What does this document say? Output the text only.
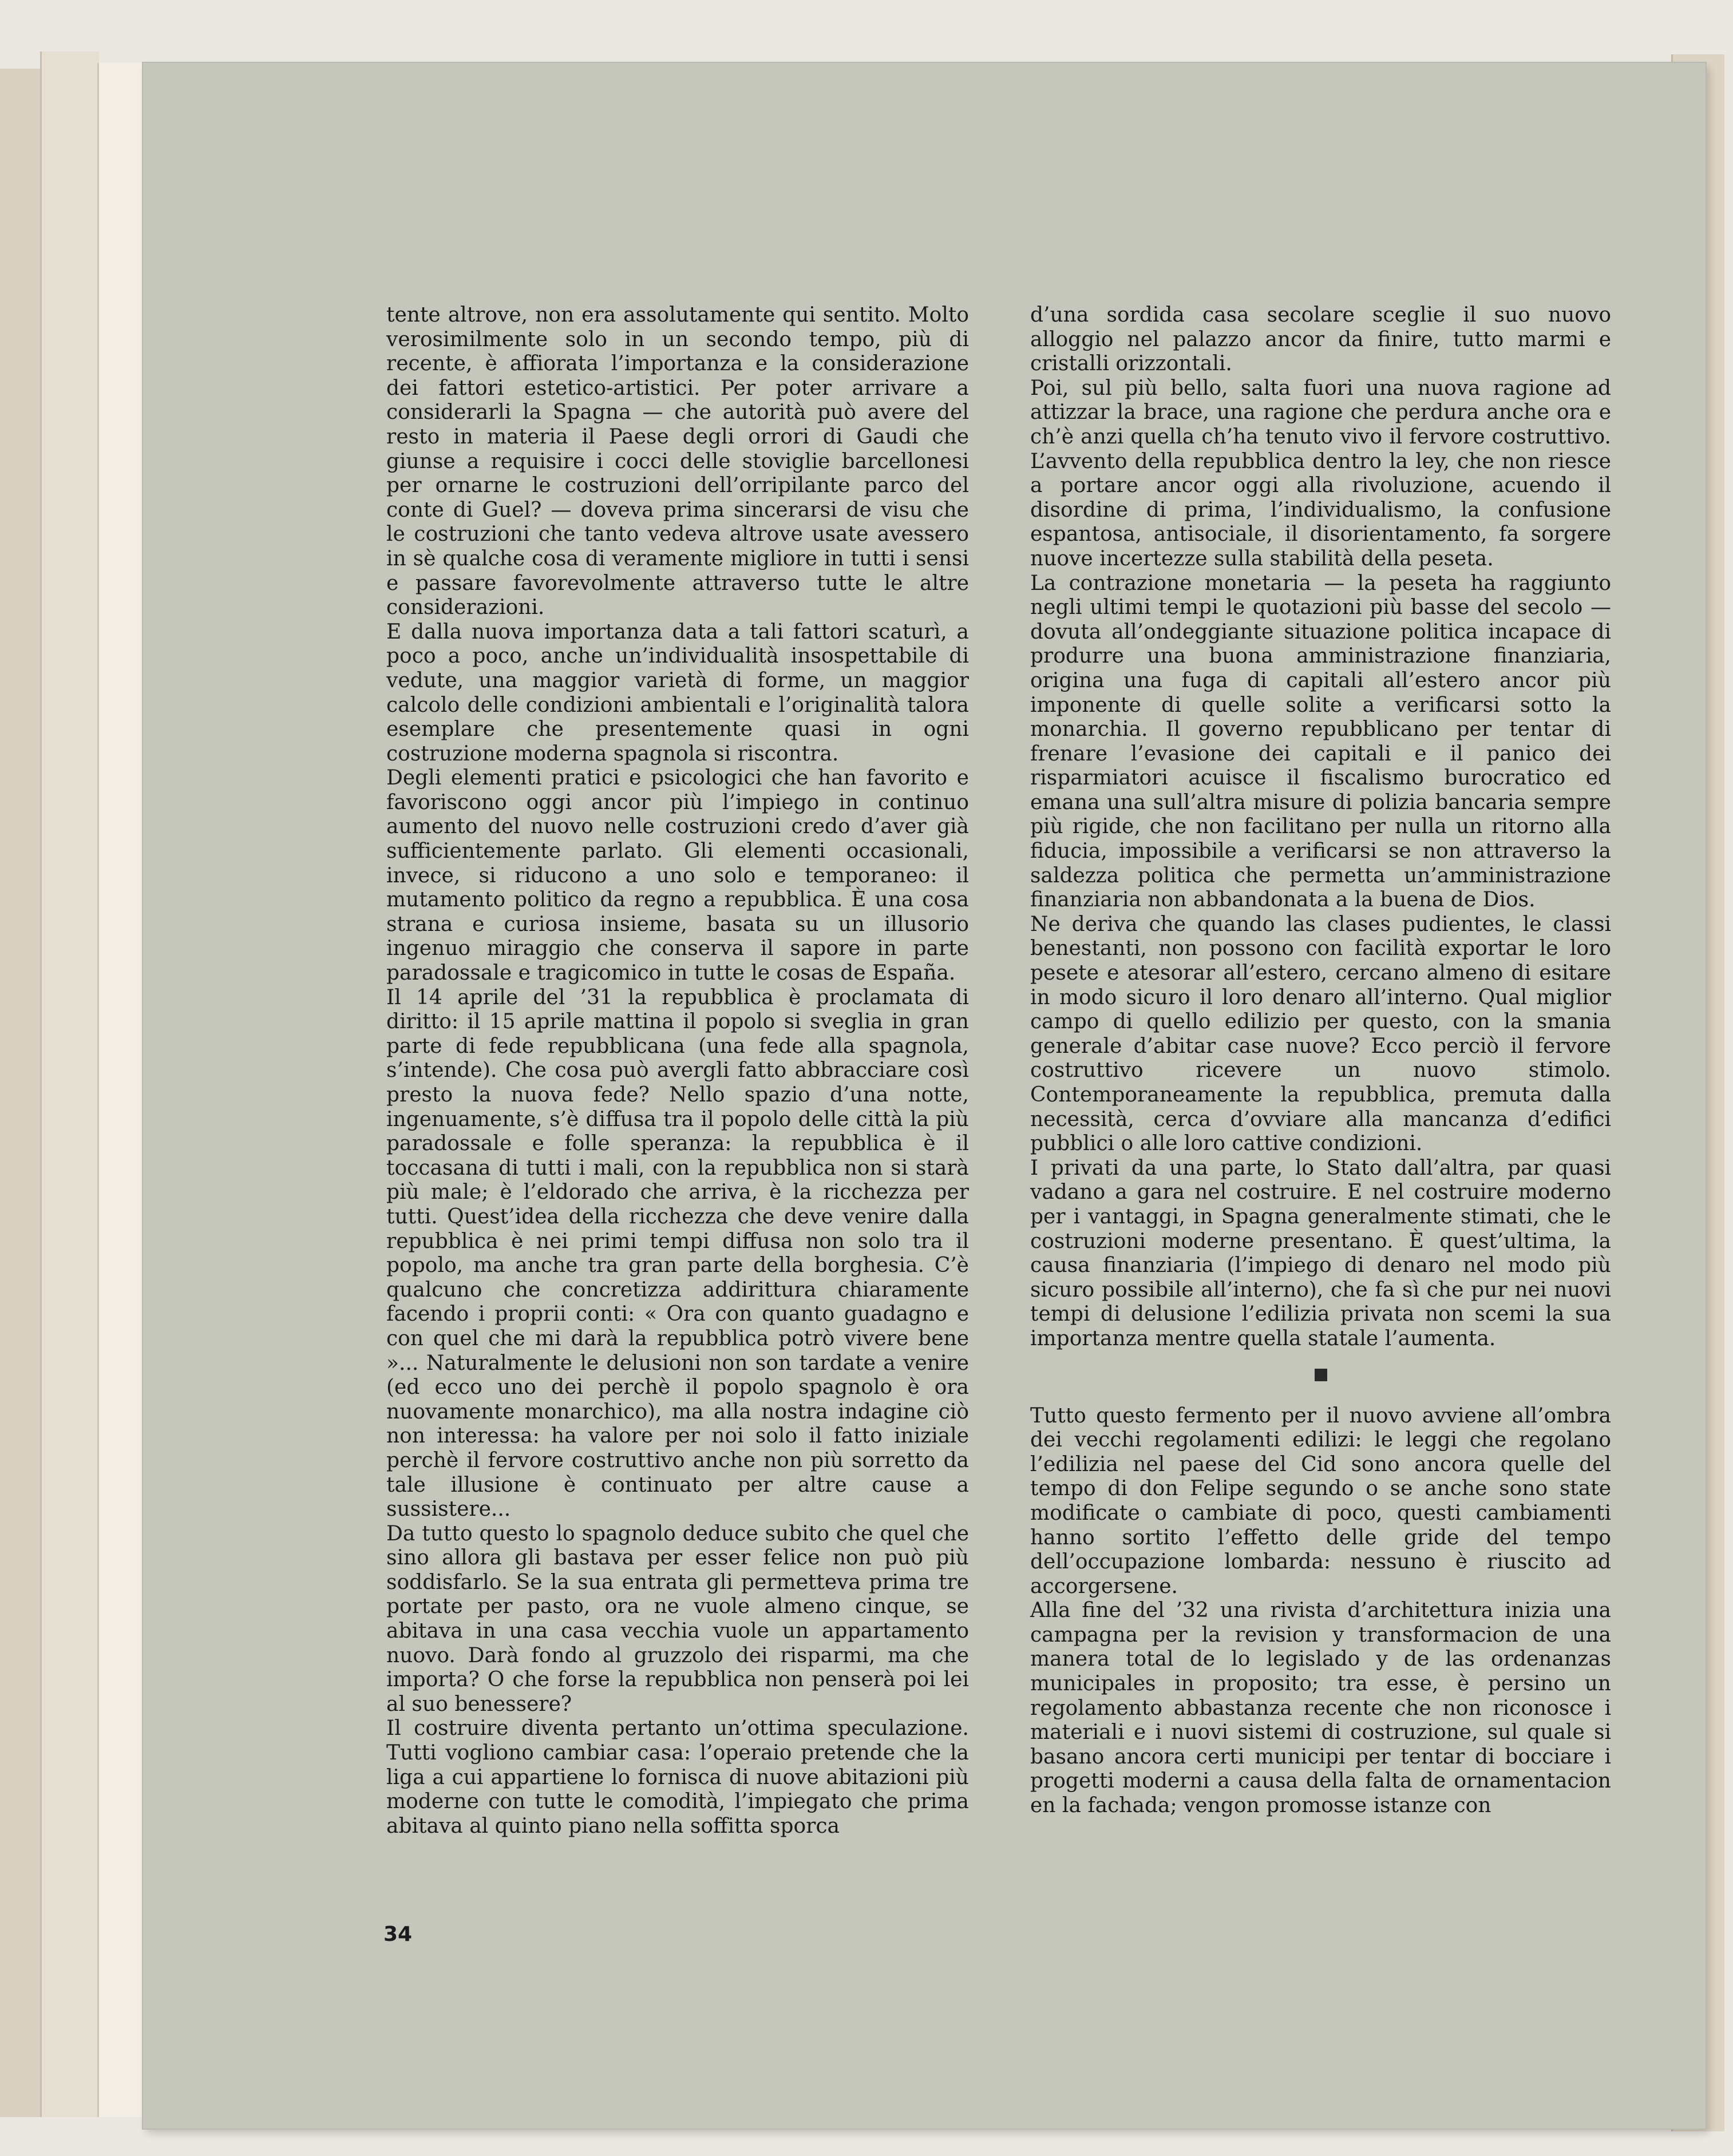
tente altrove, non era assolutamente qui sentito. Molto verosimilmente solo in un secondo tempo, più di recente, è affiorata l’importanza e la considerazione dei fattori estetico-artistici. Per poter arrivare a considerarli la Spagna — che autorità può avere del resto in materia il Paese degli orrori di Gaudi che giunse a requisire i cocci delle stoviglie barcellonesi per ornarne le costruzioni dell’orripilante parco del conte di Guel? — doveva prima sincerarsi de visu che le costruzioni che tanto vedeva altrove usate avessero in sè qualche cosa di veramente migliore in tutti i sensi e passare favorevolmente attraverso tutte le altre considerazioni.

E dalla nuova importanza data a tali fattori scaturì, a poco a poco, anche un’individualità insospettabile di vedute, una maggior varietà di forme, un maggior calcolo delle condizioni ambientali e l’originalità talora esemplare che presentemente quasi in ogni costruzione moderna spagnola si riscontra.

Degli elementi pratici e psicologici che han favorito e favoriscono oggi ancor più l’impiego in continuo aumento del nuovo nelle costruzioni credo d’aver già sufficientemente parlato. Gli elementi occasionali, invece, si riducono a uno solo e temporaneo: il mutamento politico da regno a repubblica. È una cosa strana e curiosa insieme, basata su un illusorio ingenuo miraggio che conserva il sapore in parte paradossale e tragicomico in tutte le cosas de España.

Il 14 aprile del ’31 la repubblica è proclamata di diritto: il 15 aprile mattina il popolo si sveglia in gran parte di fede repubblicana (una fede alla spagnola, s’intende). Che cosa può avergli fatto abbracciare così presto la nuova fede? Nello spazio d’una notte, ingenuamente, s’è diffusa tra il popolo delle città la più paradossale e folle speranza: la repubblica è il toccasana di tutti i mali, con la repubblica non si starà più male; è l’eldorado che arriva, è la ricchezza per tutti. Quest’idea della ricchezza che deve venire dalla repubblica è nei primi tempi diffusa non solo tra il popolo, ma anche tra gran parte della borghesia. C’è qualcuno che concretizza addirittura chiaramente facendo i proprii conti: « Ora con quanto guadagno e con quel che mi darà la repubblica potrò vivere bene »... Naturalmente le delusioni non son tardate a venire (ed ecco uno dei perchè il popolo spagnolo è ora nuovamente monarchico), ma alla nostra indagine ciò non interessa: ha valore per noi solo il fatto iniziale perchè il fervore costruttivo anche non più sorretto da tale illusione è continuato per altre cause a sussistere...

Da tutto questo lo spagnolo deduce subito che quel che sino allora gli bastava per esser felice non può più soddisfarlo. Se la sua entrata gli permetteva prima tre portate per pasto, ora ne vuole almeno cinque, se abitava in una casa vecchia vuole un appartamento nuovo. Darà fondo al gruzzolo dei risparmi, ma che importa? O che forse la repubblica non penserà poi lei al suo benessere?

Il costruire diventa pertanto un’ottima speculazione. Tutti vogliono cambiar casa: l’operaio pretende che la liga a cui appartiene lo fornisca di nuove abitazioni più moderne con tutte le comodità, l’impiegato che prima abitava al quinto piano nella soffitta sporca

d’una sordida casa secolare sceglie il suo nuovo alloggio nel palazzo ancor da finire, tutto marmi e cristalli orizzontali.

Poi, sul più bello, salta fuori una nuova ragione ad attizzar la brace, una ragione che perdura anche ora e ch’è anzi quella ch’ha tenuto vivo il fervore costruttivo. L’avvento della repubblica dentro la ley, che non riesce a portare ancor oggi alla rivoluzione, acuendo il disordine di prima, l’individualismo, la confusione espantosa, antisociale, il disorientamento, fa sorgere nuove incertezze sulla stabilità della peseta.

La contrazione monetaria — la peseta ha raggiunto negli ultimi tempi le quotazioni più basse del secolo — dovuta all’ondeggiante situazione politica incapace di produrre una buona amministrazione finanziaria, origina una fuga di capitali all’estero ancor più imponente di quelle solite a verificarsi sotto la monarchia. Il governo repubblicano per tentar di frenare l’evasione dei capitali e il panico dei risparmiatori acuisce il fiscalismo burocratico ed emana una sull’altra misure di polizia bancaria sempre più rigide, che non facilitano per nulla un ritorno alla fiducia, impossibile a verificarsi se non attraverso la saldezza politica che permetta un’amministrazione finanziaria non abbandonata a la buena de Dios.

Ne deriva che quando las clases pudientes, le classi benestanti, non possono con facilità exportar le loro pesete e atesorar all’estero, cercano almeno di esitare in modo sicuro il loro denaro all’interno. Qual miglior campo di quello edilizio per questo, con la smania generale d’abitar case nuove? Ecco perciò il fervore costruttivo ricevere un nuovo stimolo. Contemporaneamente la repubblica, premuta dalla necessità, cerca d’ovviare alla mancanza d’edifici pubblici o alle loro cattive condizioni.

I privati da una parte, lo Stato dall’altra, par quasi vadano a gara nel costruire. E nel costruire moderno per i vantaggi, in Spagna generalmente stimati, che le costruzioni moderne presentano. È quest’ultima, la causa finanziaria (l’impiego di denaro nel modo più sicuro possibile all’interno), che fa sì che pur nei nuovi tempi di delusione l’edilizia privata non scemi la sua importanza mentre quella statale l’aumenta.

Tutto questo fermento per il nuovo avviene all’ombra dei vecchi regolamenti edilizi: le leggi che regolano l’edilizia nel paese del Cid sono ancora quelle del tempo di don Felipe segundo o se anche sono state modificate o cambiate di poco, questi cambiamenti hanno sortito l’effetto delle gride del tempo dell’occupazione lombarda: nessuno è riuscito ad accorgersene.

Alla fine del ’32 una rivista d’architettura inizia una campagna per la revision y transformacion de una manera total de lo legislado y de las ordenanzas municipales in proposito; tra esse, è persino un regolamento abbastanza recente che non riconosce i materiali e i nuovi sistemi di costruzione, sul quale si basano ancora certi municipi per tentar di bocciare i progetti moderni a causa della falta de ornamentacion en la fachada; vengon promosse istanze con

34
